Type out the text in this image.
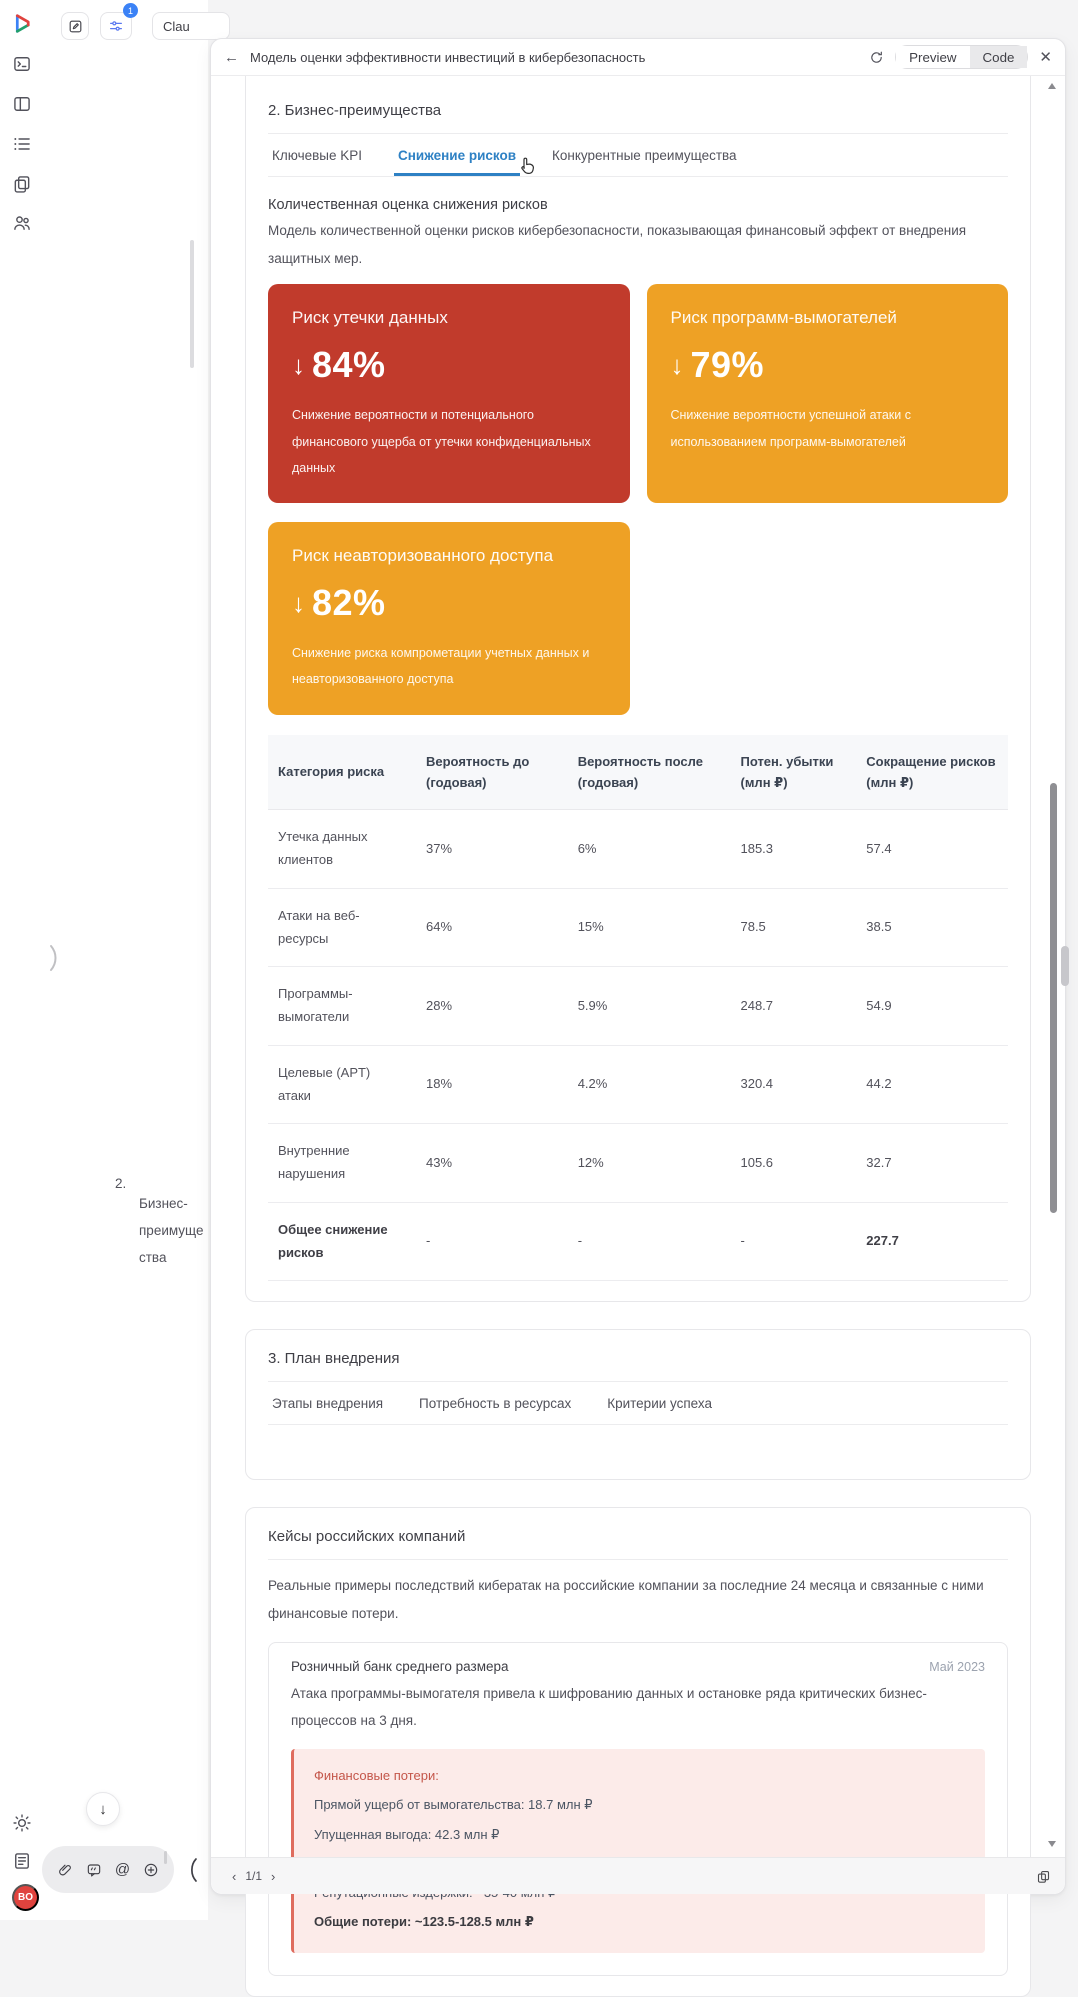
1
Clau
2.
Бизнес-преимущества
↓
@
BO
← Модель оценки эффективности инвестиций в кибербезопасность	Preview	Code	✕
2. Бизнес-преимущества
Ключевые KPI	Снижение рисков	Конкурентные преимущества
Количественная оценка снижения рисков

Модель количественной оценки рисков кибербезопасности, показывающая финансовый эффект от внедрения защитных мер.

Риск утечки данных
↓ 84%
Снижение вероятности и потенциального финансового ущерба от утечки конфиденциальных данных
Риск программ-вымогателей
↓ 79%
Снижение вероятности успешной атаки с использованием программ-вымогателей
Риск неавторизованного доступа
↓ 82%
Снижение риска компрометации учетных данных и неавторизованного доступа
Категория риска	Вероятность до (годовая)	Вероятность после (годовая)	Потен. убытки (млн ₽)	Сокращение рисков (млн ₽)
Утечка данных клиентов	37%	6%	185.3	57.4
Атаки на веб-ресурсы	64%	15%	78.5	38.5
Программы-вымогатели	28%	5.9%	248.7	54.9
Целевые (APT) атаки	18%	4.2%	320.4	44.2
Внутренние нарушения	43%	12%	105.6	32.7
Общее снижение рисков	-	-	-	227.7
3. План внедрения
Этапы внедрения	Потребность в ресурсах	Критерии успеха
Кейсы российских компаний

Реальные примеры последствий кибератак на российские компании за последние 24 месяца и связанные с ними финансовые потери.

Розничный банк среднего размера	Май 2023

Атака программы-вымогателя привела к шифрованию данных и остановке ряда критических бизнес-процессов на 3 дня.

Финансовые потери:
Прямой ущерб от вымогательства: 18.7 млн ₽
Упущенная выгода: 42.3 млн ₽
Общие потери: ~123.5-128.5 млн ₽
‹ 1/1 ›
